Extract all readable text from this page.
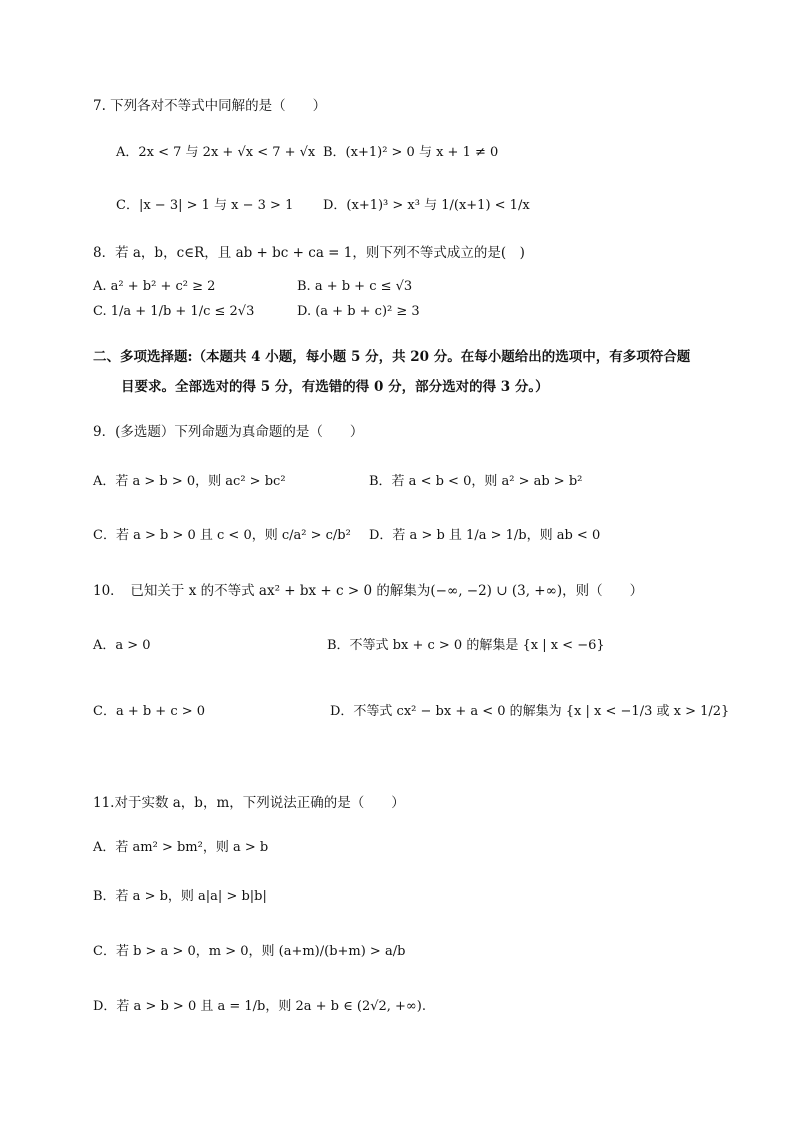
7. 下列各对不等式中同解的是（　　）
A．2x < 7 与 2x + √x < 7 + √x B．(x+1)² > 0 与 x + 1 ≠ 0
C．|x − 3| > 1 与 x − 3 > 1 D．(x+1)³ > x³ 与 1/(x+1) < 1/x
8．若 a，b，c∈R，且 ab + bc + ca = 1，则下列不等式成立的是(　)
A. a² + b² + c² ≥ 2	B. a + b + c ≤ √3
C. 1/a + 1/b + 1/c ≤ 2√3	D. (a + b + c)² ≥ 3
二、多项选择题:（本题共 4 小题，每小题 5 分，共 20 分。在每小题给出的选项中，有多项符合题
目要求。全部选对的得 5 分，有选错的得 0 分，部分选对的得 3 分。）
9．(多选题）下列命题为真命题的是（　　）
A．若 a > b > 0，则 ac² > bc²	B．若 a < b < 0，则 a² > ab > b²
C．若 a > b > 0 且 c < 0，则 c/a² > c/b² D．若 a > b 且 1/a > 1/b，则 ab < 0
10．　已知关于 x 的不等式 ax² + bx + c > 0 的解集为(−∞, −2) ∪ (3, +∞)，则（　　）
A．a > 0	B．不等式 bx + c > 0 的解集是 {x | x < −6}
C．a + b + c > 0	D．不等式 cx² − bx + a < 0 的解集为 {x | x < −1/3 或 x > 1/2}
11.对于实数 a，b，m，下列说法正确的是（　　）
A．若 am² > bm²，则 a > b
B．若 a > b，则 a|a| > b|b|
C．若 b > a > 0，m > 0，则 (a+m)/(b+m) > a/b
D．若 a > b > 0 且 a = 1/b，则 2a + b ∈ (2√2, +∞).
